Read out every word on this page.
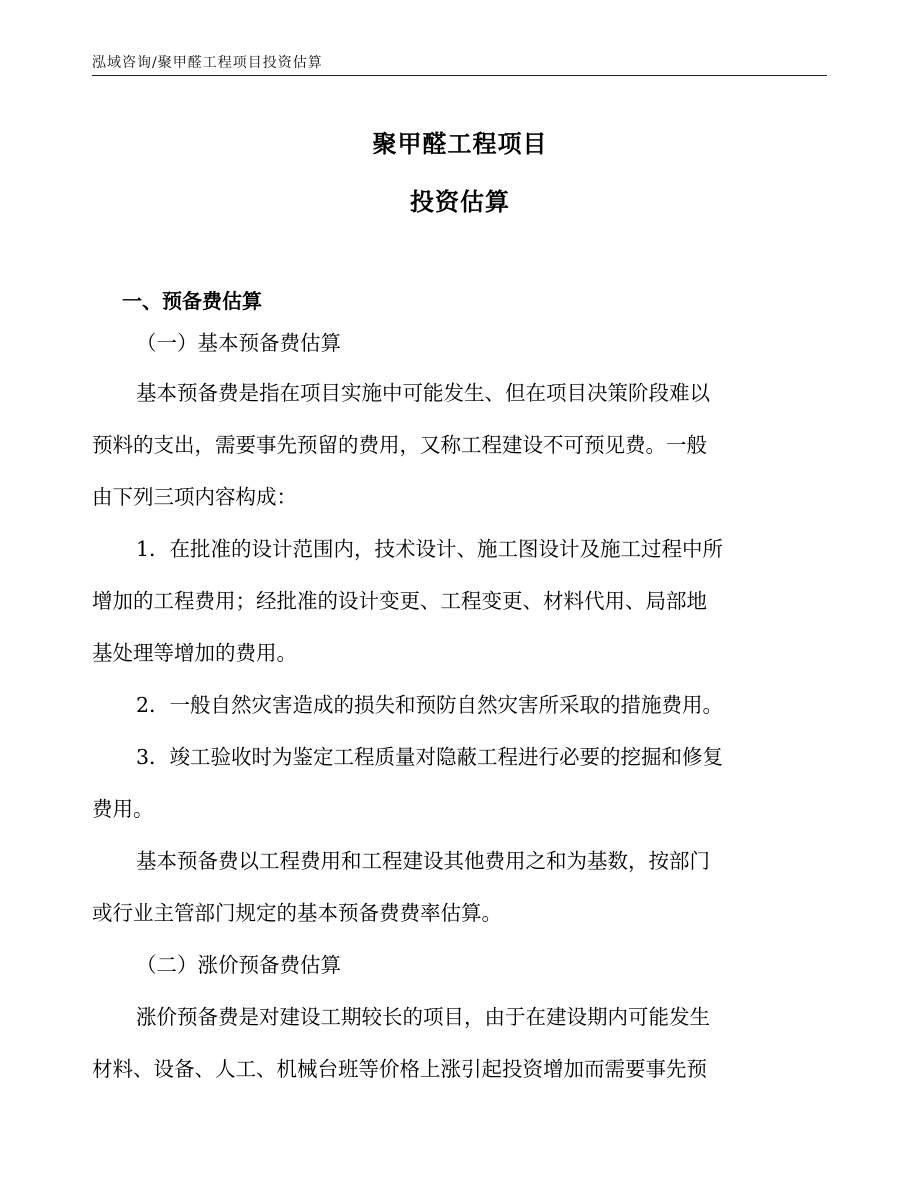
泓域咨询/聚甲醛工程项目投资估算
聚甲醛工程项目
投资估算
一、预备费估算
（一）基本预备费估算
基本预备费是指在项目实施中可能发生、但在项目决策阶段难以
预料的支出，需要事先预留的费用，又称工程建设不可预见费。一般
由下列三项内容构成：
1．在批准的设计范围内，技术设计、施工图设计及施工过程中所
增加的工程费用；经批准的设计变更、工程变更、材料代用、局部地
基处理等增加的费用。
2．一般自然灾害造成的损失和预防自然灾害所采取的措施费用。
3．竣工验收时为鉴定工程质量对隐蔽工程进行必要的挖掘和修复
费用。
基本预备费以工程费用和工程建设其他费用之和为基数，按部门
或行业主管部门规定的基本预备费费率估算。
（二）涨价预备费估算
涨价预备费是对建设工期较长的项目，由于在建设期内可能发生
材料、设备、人工、机械台班等价格上涨引起投资增加而需要事先预
